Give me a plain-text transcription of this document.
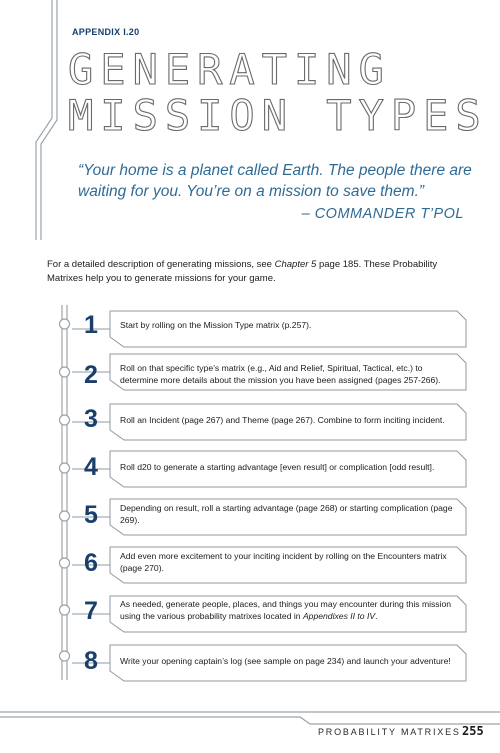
APPENDIX I.20
GENERATING
MISSION TYPES
“Your home is a planet called Earth. The people there are waiting for you. You’re on a mission to save them.”
– COMMANDER T’POL
For a detailed description of generating missions, see Chapter 5 page 185. These Probability Matrixes help you to generate missions for your game.
1	Start by rolling on the Mission Type matrix (p.257).
2	Roll on that specific type’s matrix (e.g., Aid and Relief, Spiritual, Tactical, etc.) to determine more details about the mission you have been assigned (pages 257-266).
3	Roll an Incident (page 267) and Theme (page 267). Combine to form inciting incident.
4	Roll d20 to generate a starting advantage [even result] or complication [odd result].
5	Depending on result, roll a starting advantage (page 268) or starting complication (page 269).
6	Add even more excitement to your inciting incident by rolling on the Encounters matrix (page 270).
7	As needed, generate people, places, and things you may encounter during this mission using the various probability matrixes located in Appendixes II to IV.
8	Write your opening captain’s log (see sample on page 234) and launch your adventure!
PROBABILITY MATRIXES 255
